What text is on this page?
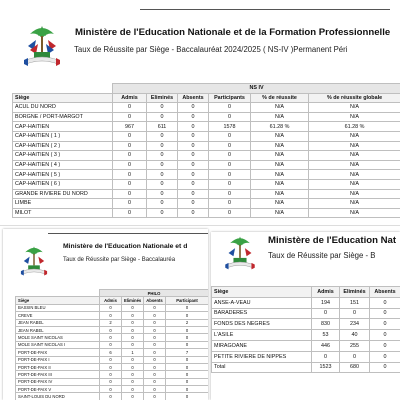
Ministère de l'Education Nationale et de la Formation Professionnelle
Taux de Réussite par Siège - Baccalauréat 2024/2025 ( NS-IV )Permanent Péri
	NS IV					
Siège	Admis	Eliminés	Absents	Participants	% de réussite	% de réussite globale
ACUL DU NORD	0	0	0	0	N/A	N/A
BORGNE / PORT-MARGOT	0	0	0	0	N/A	N/A
CAP-HAITIEN	967	611	0	1578	61.28 %	61.28 %
CAP-HAITIEN ( 1 )	0	0	0	0	N/A	N/A
CAP-HAITIEN ( 2 )	0	0	0	0	N/A	N/A
CAP-HAITIEN ( 3 )	0	0	0	0	N/A	N/A
CAP-HAITIEN ( 4 )	0	0	0	0	N/A	N/A
CAP-HAITIEN ( 5 )	0	0	0	0	N/A	N/A
CAP-HAITIEN ( 6 )	0	0	0	0	N/A	N/A
GRANDE RIVIERE DU NORD	0	0	0	0	N/A	N/A
LIMBE	0	0	0	0	N/A	N/A
MILOT	0	0	0	0	N/A	N/A
Ministère de l'Education Nationale et d
Taux de Réussite par Siège - Baccalauréa
	PHILO			
Siège	Admis	Eliminés	Absents	Participant
BASSIN BLEU	0	0	0	0
CREVE	0	0	0	0
JEAN RABEL	2	0	0	2
JEAN RABEL	0	0	0	0
MOLE SAINT NICOLAS	0	0	0	0
MOLE SAINT NICOLAS I	0	0	0	0
PORT-DE-PAIX	6	1	0	7
PORT-DE-PAIX I	0	0	0	0
PORT-DE-PAIX II	0	0	0	0
PORT-DE-PAIX III	0	0	0	0
PORT-DE-PAIX IV	0	0	0	0
PORT-DE-PAIX V	0	0	0	0
SAINT-LOUIS DU NORD	0	0	0	0
Ministère de l'Education Nat
Taux de Réussite par Siège - B
Siège	Admis	Eliminés	Absents
ANSE-A-VEAU	194	151	0
BARADERES	0	0	0
FONDS DES NEGRES	830	234	0
L'ASILE	53	40	0
MIRAGOANE	446	255	0
PETITE RIVIERE DE NIPPES	0	0	0
Total	1523	680	0
